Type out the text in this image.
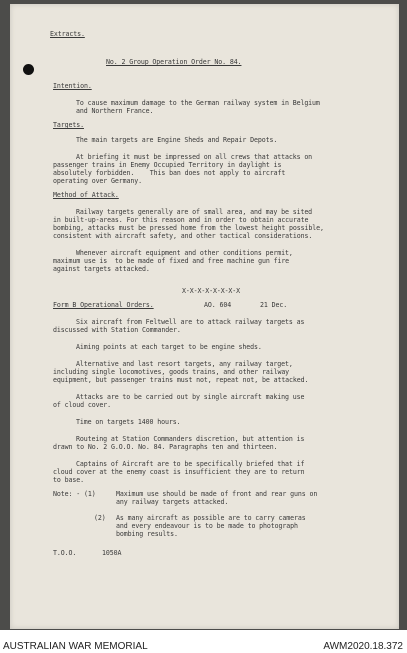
Extracts.
No. 2 Group Operation Order No. 84.
Intention.
To cause maximum damage to the German railway system in Belgium
and Northern France.
Targets.
The main targets are Engine Sheds and Repair Depots.
At briefing it must be impressed on all crews that attacks on
passenger trains in Enemy Occupied Territory in daylight is
absolutely forbidden.    This ban does not apply to aircraft
operating over Germany.
Method of Attack.
Railway targets generally are of small area, and may be sited
in built-up-areas. For this reason and in order to obtain accurate
bombing, attacks must be pressed home from the lowest height possible,
consistent with aircraft safety, and other tactical considerations.
Whenever aircraft equipment and other conditions permit,
maximum use is  to be made of fixed and free machine gun fire
against targets attacked.
X-X-X-X-X-X-X-X
Form B Operational Orders.	AO. 604	21 Dec.
Six aircraft from Feltwell are to attack railway targets as
discussed with Station Commander.
Aiming points at each target to be engine sheds.
Alternative and last resort targets, any railway target,
including single locomotives, goods trains, and other railway
equipment, but passenger trains must not, repeat not, be attacked.
Attacks are to be carried out by single aircraft making use
of cloud cover.
Time on targets 1400 hours.
Routeing at Station Commanders discretion, but attention is
drawn to No. 2 G.O.O. No. 84. Paragraphs ten and thirteen.
Captains of Aircraft are to be specifically briefed that if
cloud cover at the enemy coast is insufficient they are to return
to base.
Note: - (1)	Maximum use should be made of front and rear guns on
any railway targets attacked.
(2) As many aircraft as possible are to carry cameras
and every endeavour is to be made to photograph
bombing results.
T.O.O.	1050A
AUSTRALIAN WAR MEMORIAL	AWM2020.18.372
